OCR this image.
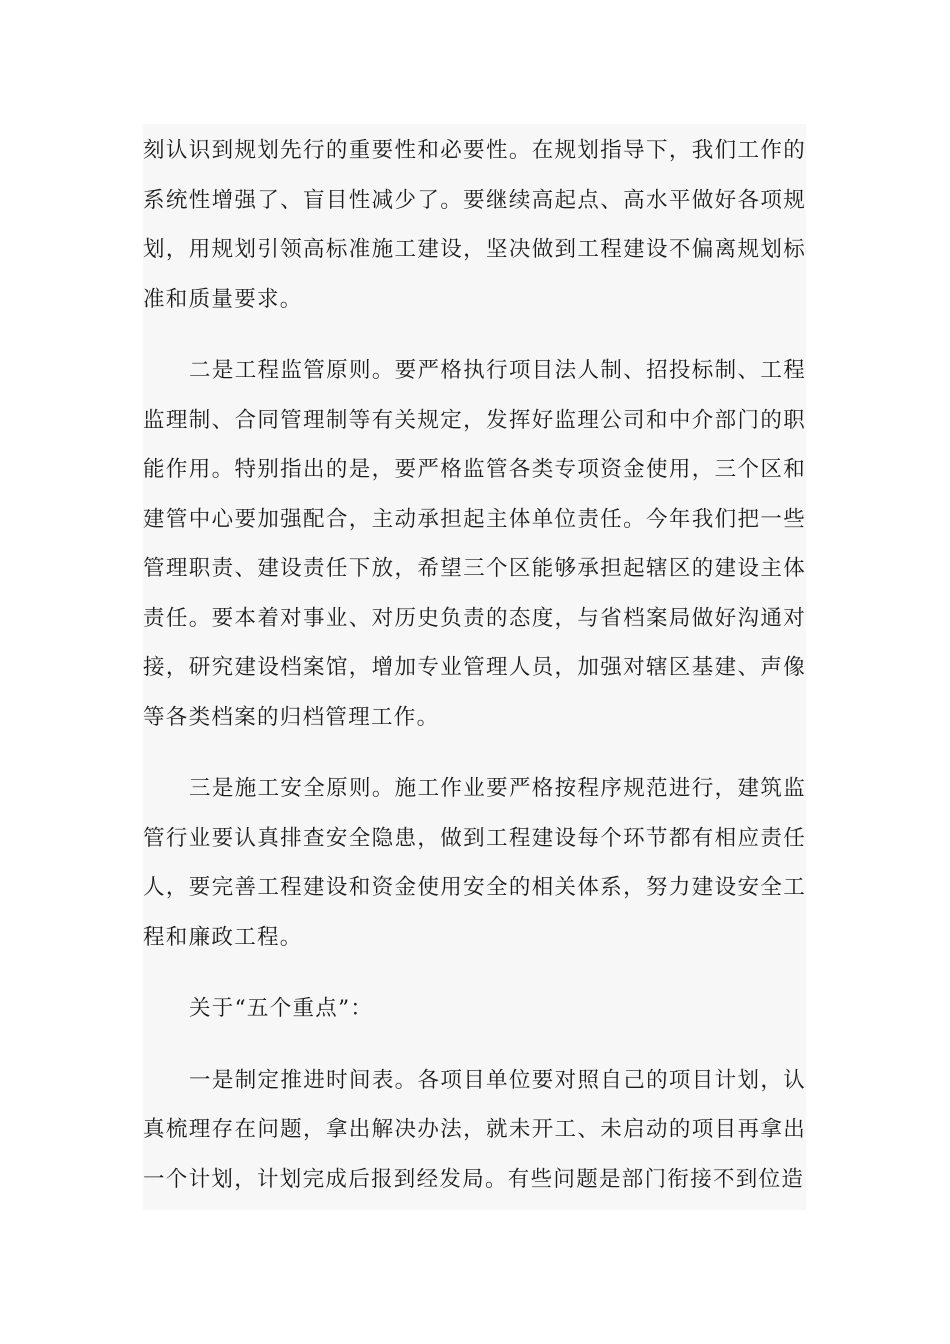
刻认识到规划先行的重要性和必要性。在规划指导下，我们工作的系统性增强了、盲目性减少了。要继续高起点、高水平做好各项规划，用规划引领高标准施工建设，坚决做到工程建设不偏离规划标准和质量要求。

二是工程监管原则。要严格执行项目法人制、招投标制、工程监理制、合同管理制等有关规定，发挥好监理公司和中介部门的职能作用。特别指出的是，要严格监管各类专项资金使用，三个区和建管中心要加强配合，主动承担起主体单位责任。今年我们把一些管理职责、建设责任下放，希望三个区能够承担起辖区的建设主体责任。要本着对事业、对历史负责的态度，与省档案局做好沟通对接，研究建设档案馆，增加专业管理人员，加强对辖区基建、声像等各类档案的归档管理工作。

三是施工安全原则。施工作业要严格按程序规范进行，建筑监管行业要认真排查安全隐患，做到工程建设每个环节都有相应责任人，要完善工程建设和资金使用安全的相关体系，努力建设安全工程和廉政工程。

关于“五个重点”：

一是制定推进时间表。各项目单位要对照自己的项目计划，认真梳理存在问题，拿出解决办法，就未开工、未启动的项目再拿出一个计划，计划完成后报到经发局。有些问题是部门衔接不到位造
